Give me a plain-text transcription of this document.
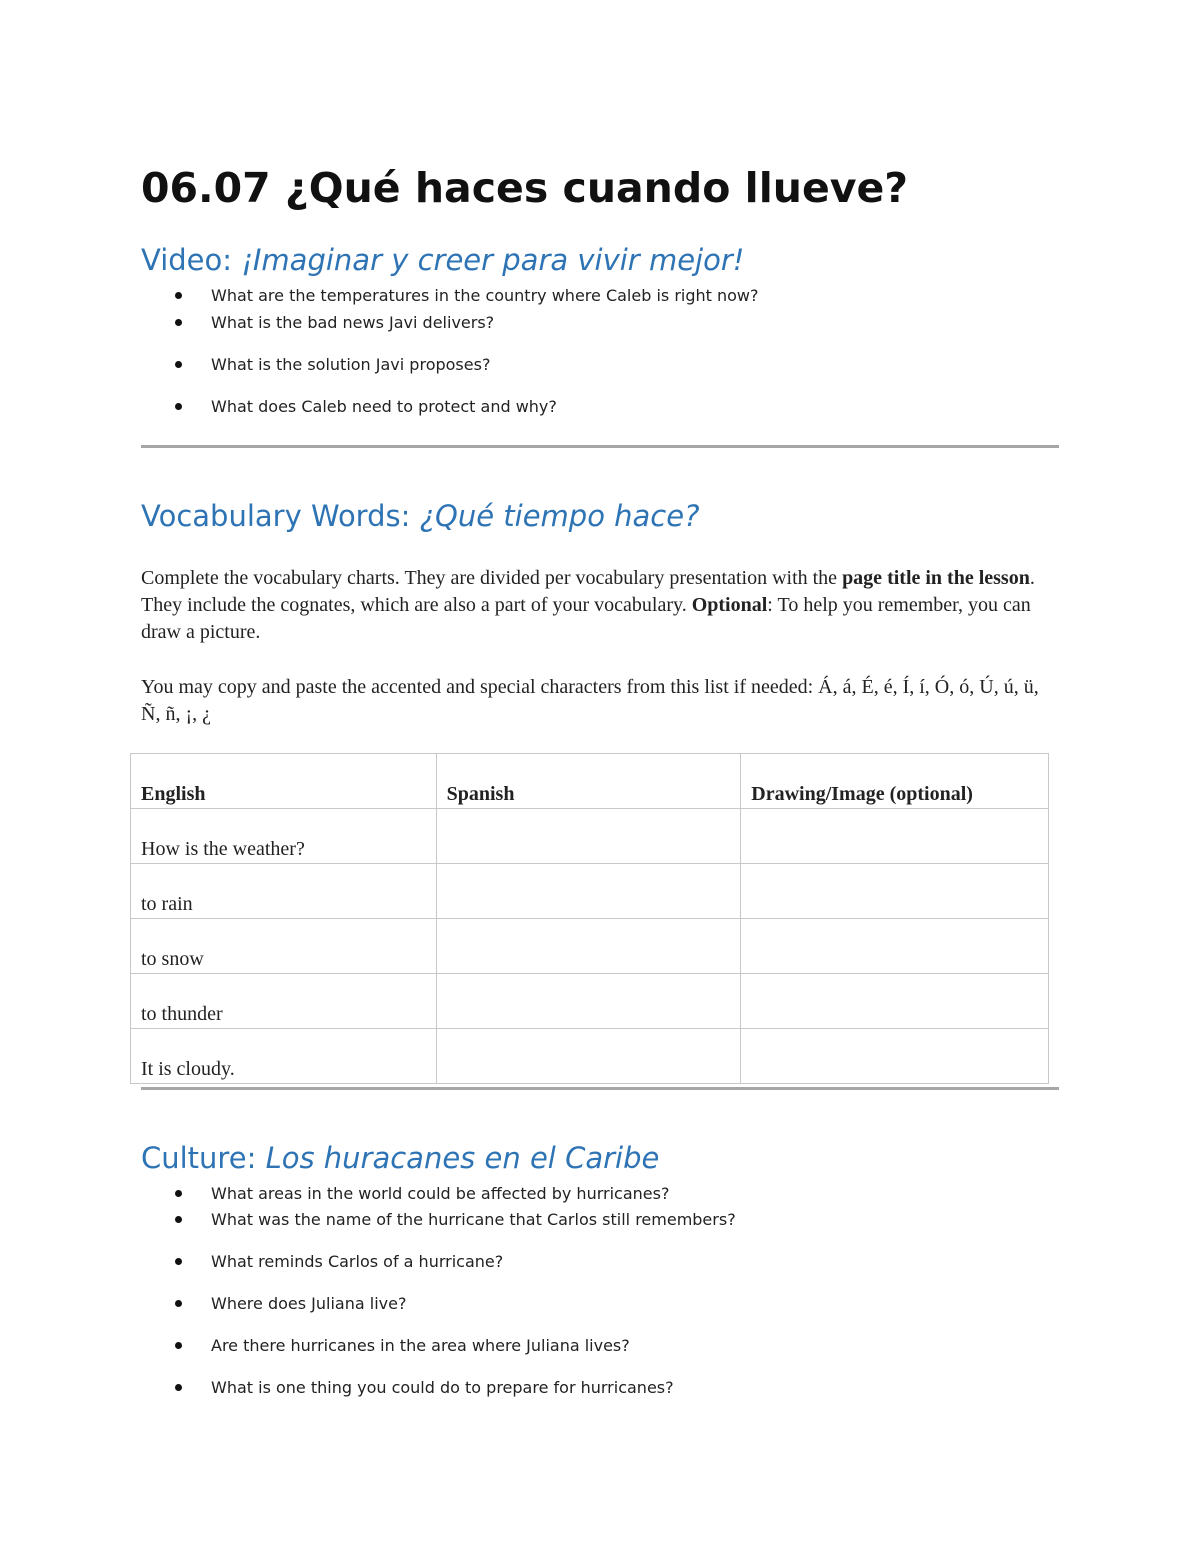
06.07 ¿Qué haces cuando llueve?
Video: ¡Imaginar y creer para vivir mejor!
What are the temperatures in the country where Caleb is right now?
What is the bad news Javi delivers?
What is the solution Javi proposes?
What does Caleb need to protect and why?
Vocabulary Words: ¿Qué tiempo hace?

Complete the vocabulary charts. They are divided per vocabulary presentation with the page title in the lesson. They include the cognates, which are also a part of your vocabulary. Optional: To help you remember, you can draw a picture.

You may copy and paste the accented and special characters from this list if needed: Á, á, É, é, Í, í, Ó, ó, Ú, ú, ü, Ñ, ñ, ¡, ¿

English	Spanish	Drawing/Image (optional)
How is the weather?		
to rain		
to snow		
to thunder		
It is cloudy.		
Culture: Los huracanes en el Caribe
What areas in the world could be affected by hurricanes?
What was the name of the hurricane that Carlos still remembers?
What reminds Carlos of a hurricane?
Where does Juliana live?
Are there hurricanes in the area where Juliana lives?
What is one thing you could do to prepare for hurricanes?
